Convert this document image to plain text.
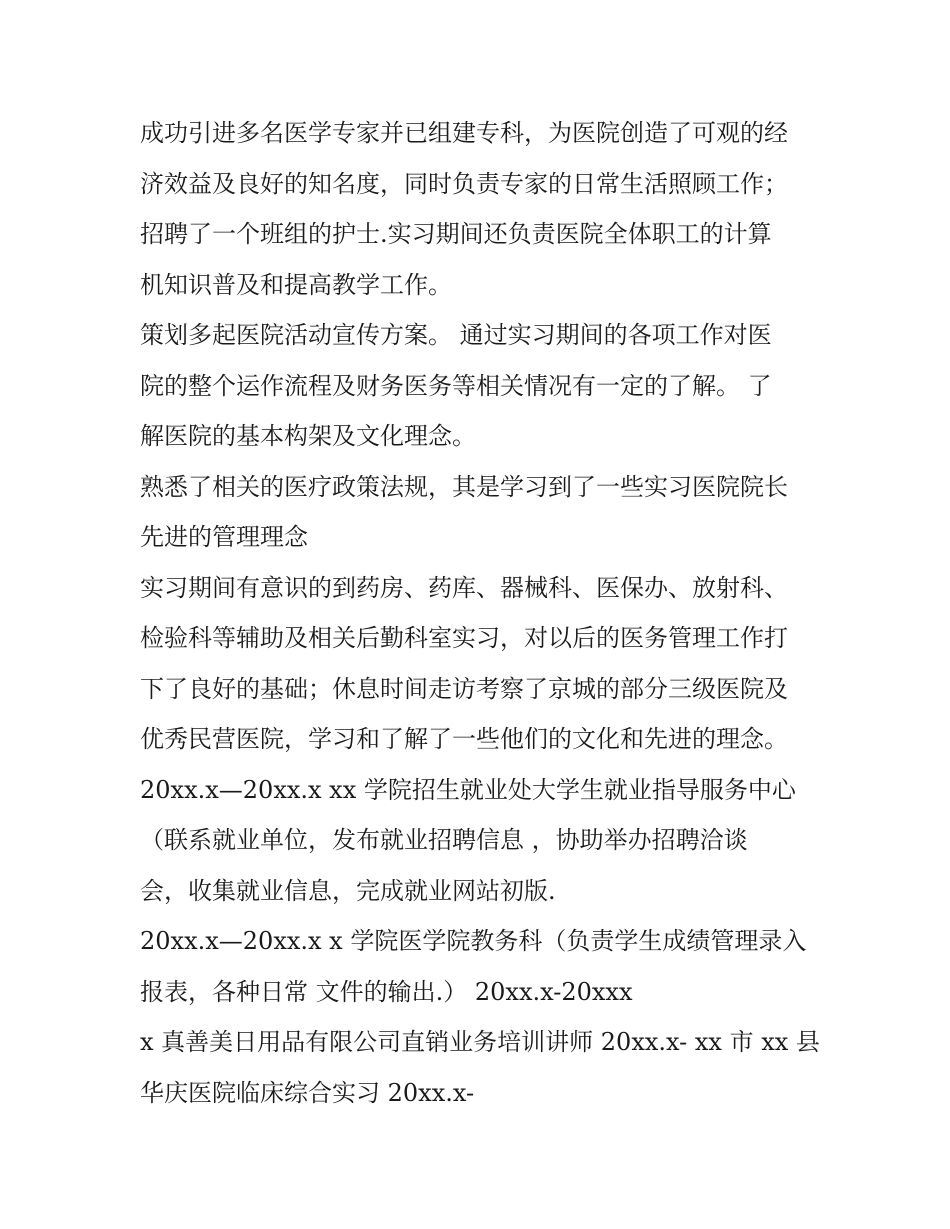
成功引进多名医学专家并已组建专科，为医院创造了可观的经
济效益及良好的知名度，同时负责专家的日常生活照顾工作；
招聘了一个班组的护士.实习期间还负责医院全体职工的计算
机知识普及和提高教学工作。
策划多起医院活动宣传方案。 通过实习期间的各项工作对医
院的整个运作流程及财务医务等相关情况有一定的了解。 了
解医院的基本构架及文化理念。
熟悉了相关的医疗政策法规，其是学习到了一些实习医院院长
先进的管理理念
实习期间有意识的到药房、药库、器械科、医保办、放射科、
检验科等辅助及相关后勤科室实习，对以后的医务管理工作打
下了良好的基础；休息时间走访考察了京城的部分三级医院及
优秀民营医院，学习和了解了一些他们的文化和先进的理念。
20xx.x—20xx.x xx 学院招生就业处大学生就业指导服务中心
（联系就业单位，发布就业招聘信息 ，协助举办招聘洽谈
会，收集就业信息，完成就业网站初版.
20xx.x—20xx.x x 学院医学院教务科（负责学生成绩管理录入
报表，各种日常 文件的输出.） 20xx.x-20xxx
x 真善美日用品有限公司直销业务培训讲师 20xx.x- xx 市 xx 县
华庆医院临床综合实习 20xx.x-
